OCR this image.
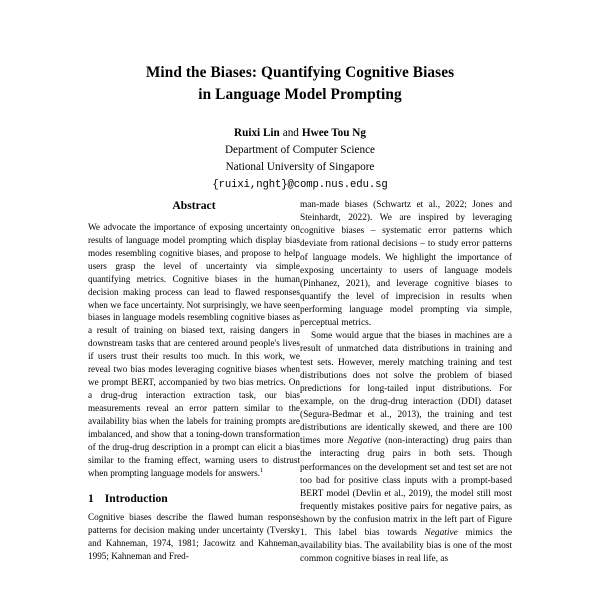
Mind the Biases: Quantifying Cognitive Biases
in Language Model Prompting
Ruixi Lin and Hwee Tou Ng
Department of Computer Science
National University of Singapore
{ruixi,nght}@comp.nus.edu.sg
Abstract

We advocate the importance of exposing uncertainty on results of language model prompting which display bias modes resembling cognitive biases, and propose to help users grasp the level of uncertainty via simple quantifying metrics. Cognitive biases in the human decision making process can lead to flawed responses when we face uncertainty. Not surprisingly, we have seen biases in language models resembling cognitive biases as a result of training on biased text, raising dangers in downstream tasks that are centered around people's lives if users trust their results too much. In this work, we reveal two bias modes leveraging cognitive biases when we prompt BERT, accompanied by two bias metrics. On a drug-drug interaction extraction task, our bias measurements reveal an error pattern similar to the availability bias when the labels for training prompts are imbalanced, and show that a toning-down transformation of the drug-drug description in a prompt can elicit a bias similar to the framing effect, warning users to distrust when prompting language models for answers.$^1$

1 Introduction

Cognitive biases describe the flawed human response patterns for decision making under uncertainty (Tversky and Kahneman, 1974, 1981; Jacowitz and Kahneman, 1995; Kahneman and Fred-

man-made biases (Schwartz et al., 2022; Jones and Steinhardt, 2022). We are inspired by leveraging cognitive biases – systematic error patterns which deviate from rational decisions – to study error patterns of language models. We highlight the importance of exposing uncertainty to users of language models (Pinhanez, 2021), and leverage cognitive biases to quantify the level of imprecision in results when performing language model prompting via simple, perceptual metrics.

Some would argue that the biases in machines are a result of unmatched data distributions in training and test sets. However, merely matching training and test distributions does not solve the problem of biased predictions for long-tailed input distributions. For example, on the drug-drug interaction (DDI) dataset (Segura-Bedmar et al., 2013), the training and test distributions are identically skewed, and there are 100 times more Negative (non-interacting) drug pairs than the interacting drug pairs in both sets. Though performances on the development set and test set are not too bad for positive class inputs with a prompt-based BERT model (Devlin et al., 2019), the model still most frequently mistakes positive pairs for negative pairs, as shown by the confusion matrix in the left part of Figure 1. This label bias towards Negative mimics the availability bias. The availability bias is one of the most common cognitive biases in real life, as
